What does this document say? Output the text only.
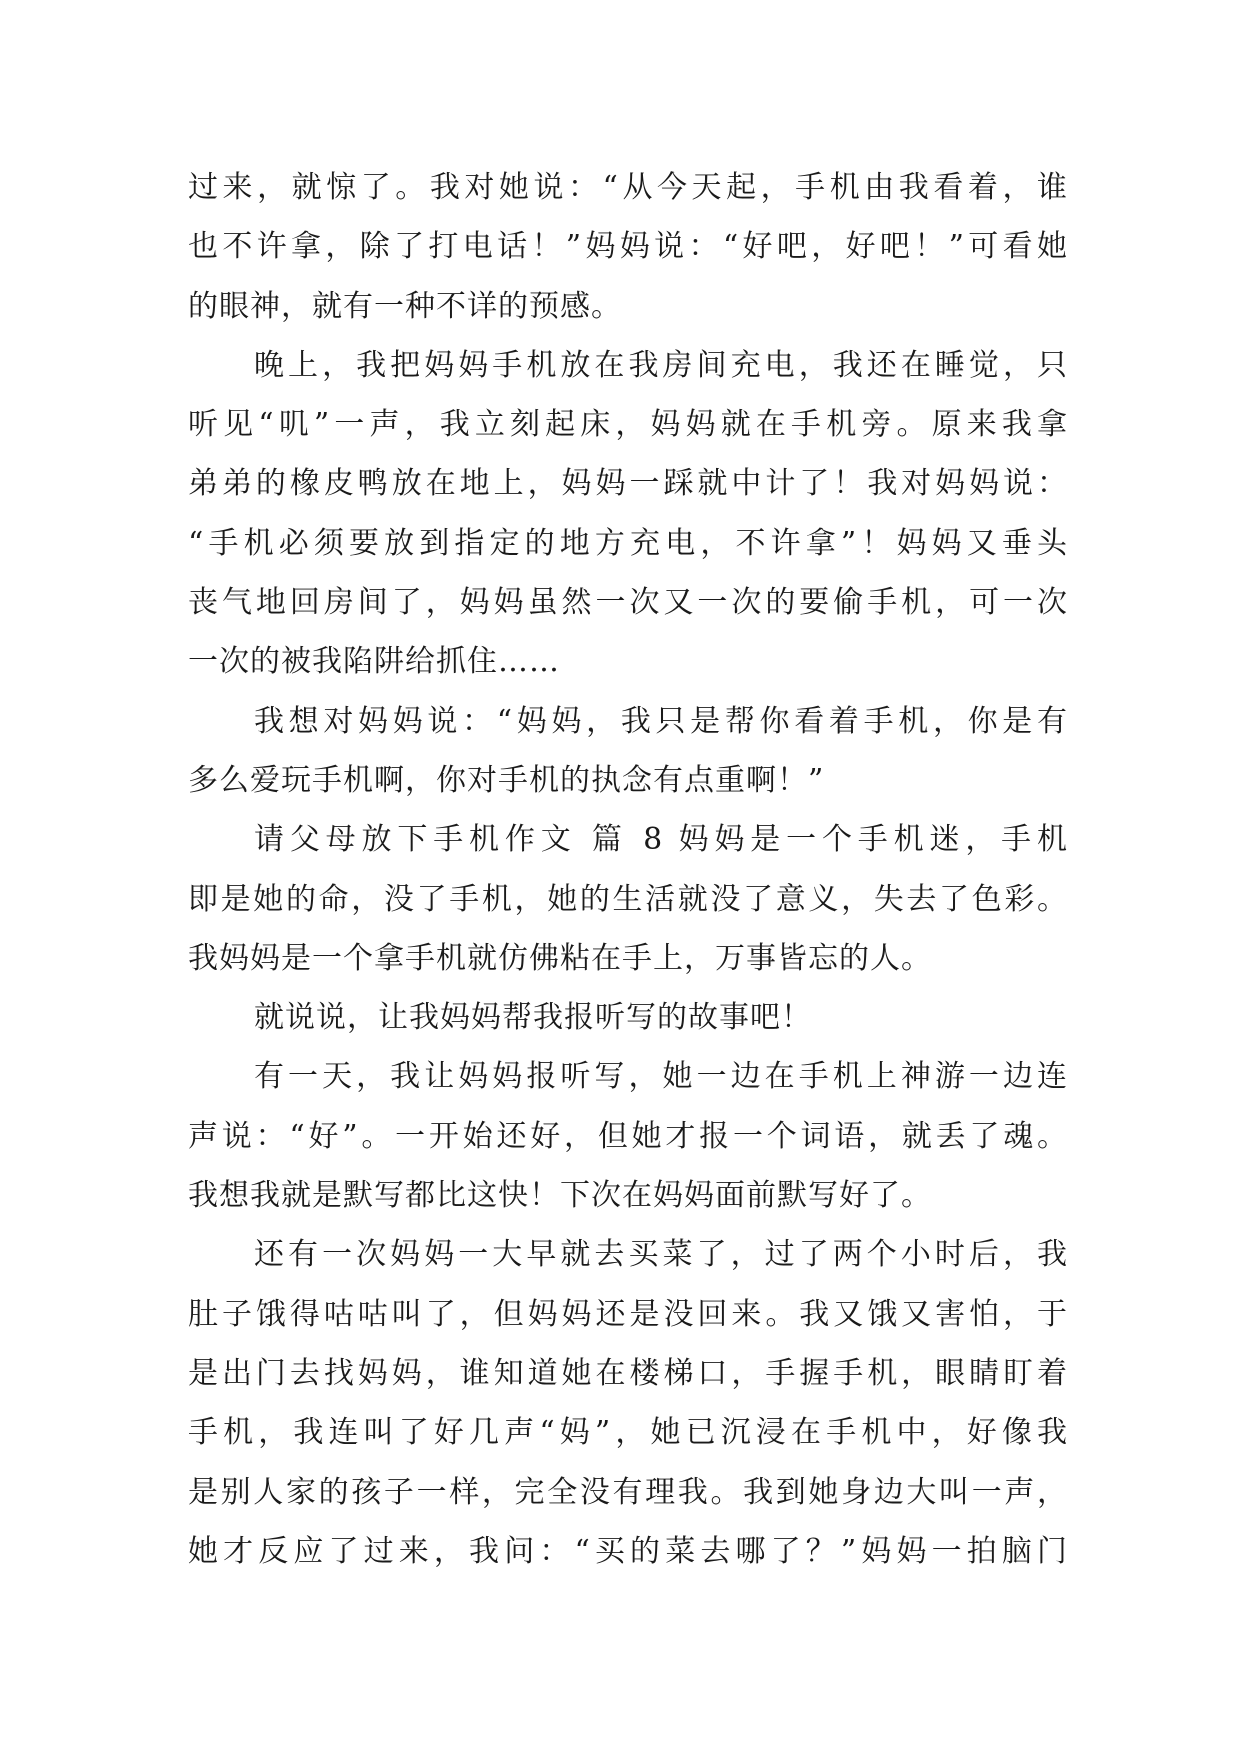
过来，就惊了。我对她说：“从今天起，手机由我看着，谁
也不许拿，除了打电话！”妈妈说：“好吧，好吧！”可看她
的眼神，就有一种不详的预感。
晚上，我把妈妈手机放在我房间充电，我还在睡觉，只
听见“叽”一声，我立刻起床，妈妈就在手机旁。原来我拿
弟弟的橡皮鸭放在地上，妈妈一踩就中计了！我对妈妈说：
“手机必须要放到指定的地方充电，不许拿”！妈妈又垂头
丧气地回房间了，妈妈虽然一次又一次的要偷手机，可一次
一次的被我陷阱给抓住……
我想对妈妈说：“妈妈，我只是帮你看着手机，你是有
多么爱玩手机啊，你对手机的执念有点重啊！”
请父母放下手机作文 篇 8 妈妈是一个手机迷，手机
即是她的命，没了手机，她的生活就没了意义，失去了色彩。
我妈妈是一个拿手机就仿佛粘在手上，万事皆忘的人。
就说说，让我妈妈帮我报听写的故事吧！
有一天，我让妈妈报听写，她一边在手机上神游一边连
声说：“好”。一开始还好，但她才报一个词语，就丢了魂。
我想我就是默写都比这快！下次在妈妈面前默写好了。
还有一次妈妈一大早就去买菜了，过了两个小时后，我
肚子饿得咕咕叫了，但妈妈还是没回来。我又饿又害怕，于
是出门去找妈妈，谁知道她在楼梯口，手握手机，眼睛盯着
手机，我连叫了好几声“妈”，她已沉浸在手机中，好像我
是别人家的孩子一样，完全没有理我。我到她身边大叫一声，
她才反应了过来，我问：“买的菜去哪了？”妈妈一拍脑门
